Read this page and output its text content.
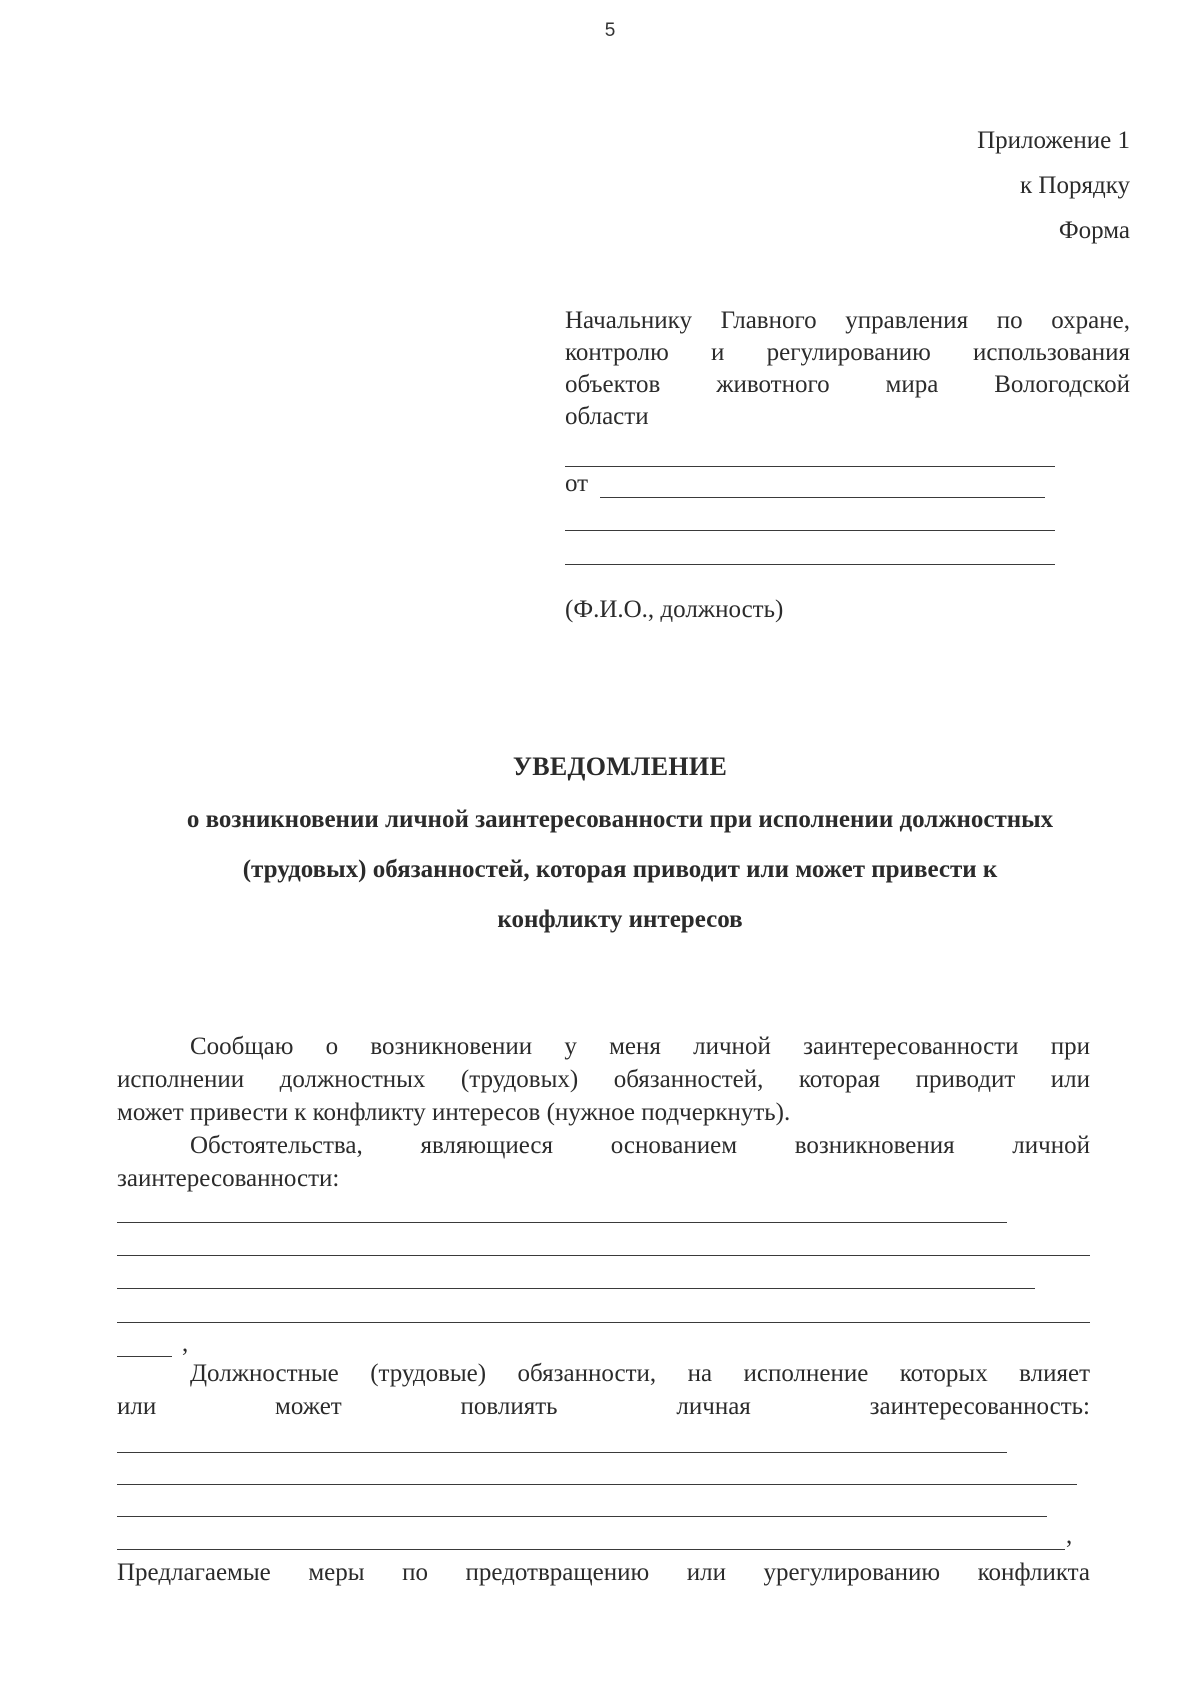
5
Приложение 1
к Порядку
Форма
Начальнику Главного управления по охране,
контролю и регулированию использования
объектов животного мира Вологодской
области
от
(Ф.И.О., должность)
УВЕДОМЛЕНИЕ
о возникновении личной заинтересованности при исполнении должностных
(трудовых) обязанностей, которая приводит или может привести к
конфликту интересов
Сообщаю о возникновении у меня личной заинтересованности при
исполнении должностных (трудовых) обязанностей, которая приводит или
может привести к конфликту интересов (нужное подчеркнуть).
Обстоятельства, являющиеся основанием возникновения личной
заинтересованности:
,
Должностные (трудовые) обязанности, на исполнение которых влияет
или	может	повлиять	личная	заинтересованность:
,
Предлагаемые меры по предотвращению или урегулированию конфликта
